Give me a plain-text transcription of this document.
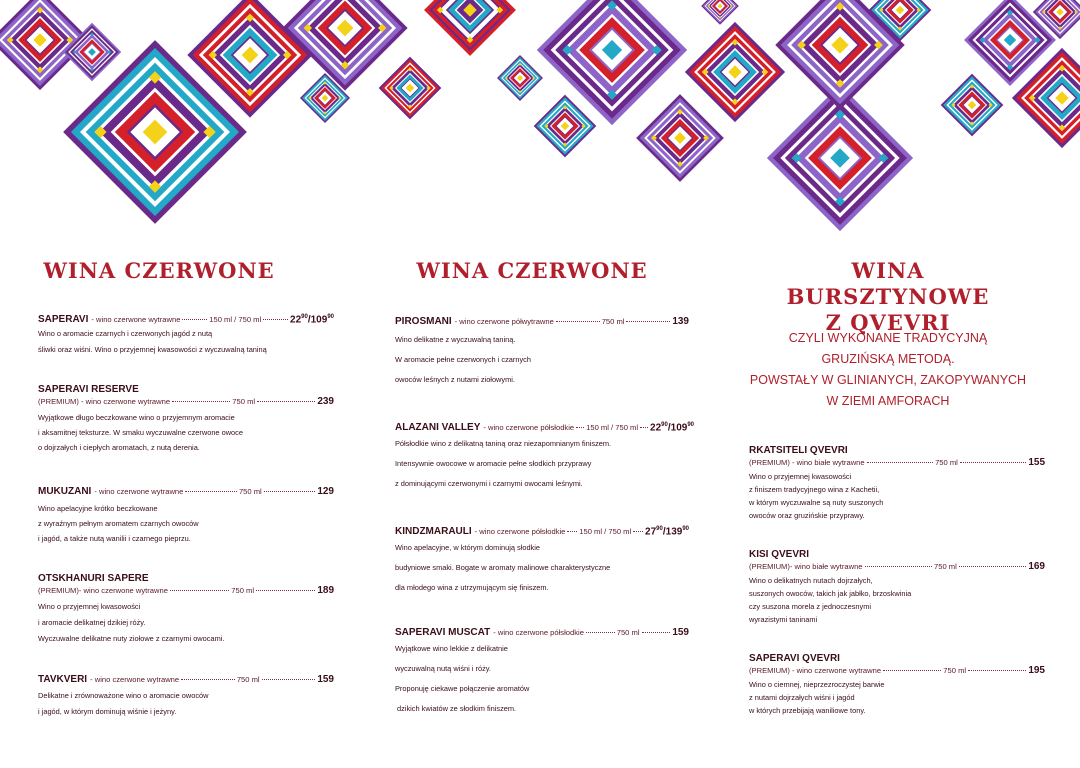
WINA CZERWONE
SAPERAVI - wino czerwone wytrawne	150 ml / 750 ml	$22^{90}/109^{90}$
Wino o aromacie czarnych i czerwonych jagód z nutą
śliwki oraz wiśni. Wino o przyjemnej kwasowości z wyczuwalną taniną
SAPERAVI RESERVE
(PREMIUM) - wino czerwone wytrawne	750 ml	239
Wyjątkowe długo beczkowane wino o przyjemnym aromacie
i aksamitnej teksturze. W smaku wyczuwalne czerwone owoce
o dojrzałych i ciepłych aromatach, z nutą derenia.
MUKUZANI - wino czerwone wytrawne	750 ml	129
Wino apelacyjne krótko beczkowane
z wyraźnym pełnym aromatem czarnych owoców
i jagód, a także nutą wanilii i czarnego pieprzu.
OTSKHANURI SAPERE
(PREMIUM)- wino czerwone wytrawne	750 ml	189
Wino o przyjemnej kwasowości
i aromacie delikatnej dzikiej róży.
Wyczuwalne delikatne nuty ziołowe z czarnymi owocami.
TAVKVERI - wino czerwone wytrawne	750 ml	159
Delikatne i zrównoważone wino o aromacie owoców
i jagód, w którym dominują wiśnie i jeżyny.
WINA CZERWONE
PIROSMANI - wino czerwone półwytrawne	750 ml	139
Wino delikatne z wyczuwalną taniną.
W aromacie pełne czerwonych i czarnych
owoców leśnych z nutami ziołowymi.
ALAZANI VALLEY - wino czerwone półsłodkie 150 ml / 750 ml $22^{90}/109^{90}$
Półsłodkie wino z delikatną taniną oraz niezapomnianym finiszem.
Intensywnie owocowe w aromacie pełne słodkich przyprawy
z dominującymi czerwonymi i czarnymi owocami leśnymi.
KINDZMARAULI - wino czerwone półsłodkie 150 ml / 750 ml $27^{90}/139^{90}$
Wino apelacyjne, w którym dominują słodkie
budyniowe smaki. Bogate w aromaty malinowe charakterystyczne
dla młodego wina z utrzymującym się finiszem.
SAPERAVI MUSCAT - wino czerwone półsłodkie	750 ml	159
Wyjątkowe wino lekkie z delikatnie
wyczuwalną nutą wiśni i róży.
Proponuję ciekawe połączenie aromatów
dzikich kwiatów ze słodkim finiszem.
WINA BURSZTYNOWE
Z QVEVRI
CZYLI WYKONANE TRADYCYJNĄ
GRUZIŃSKĄ METODĄ.
POWSTAŁY W GLINIANYCH, ZAKOPYWANYCH
W ZIEMI AMFORACH
RKATSITELI QVEVRI
(PREMIUM) - wino białe wytrawne	750 ml	155
Wino o przyjemnej kwasowości
z finiszem tradycyjnego wina z Kachetii,
w którym wyczuwalne są nuty suszonych
owoców oraz gruzińskie przyprawy.
KISI QVEVRI
(PREMIUM)- wino białe wytrawne	750 ml	169
Wino o delikatnych nutach dojrzałych,
suszonych owoców, takich jak jabłko, brzoskwinia
czy suszona morela z jednoczesnymi
wyrazistymi taninami
SAPERAVI QVEVRI
(PREMIUM) - wino czerwone wytrawne	750 ml	195
Wino o ciemnej, nieprzezroczystej barwie
z nutami dojrzałych wiśni i jagód
w których przebijają waniliowe tony.
